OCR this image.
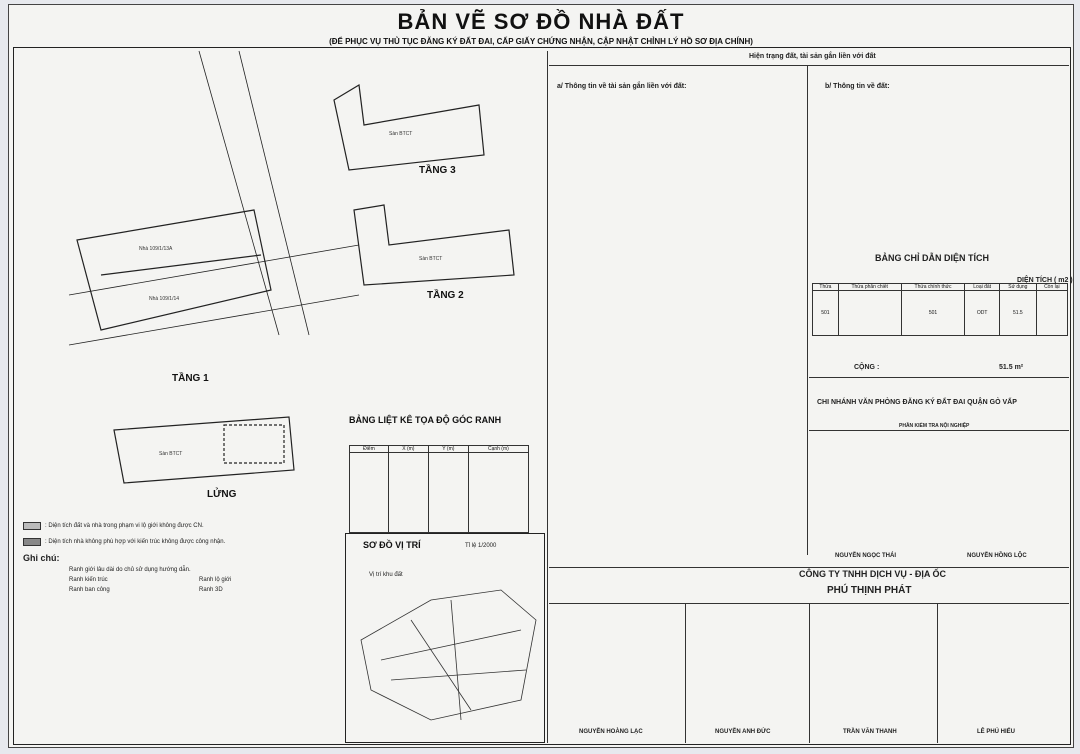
BẢN VẼ SƠ ĐỒ NHÀ ĐẤT
(ĐỂ PHỤC VỤ THỦ TỤC ĐĂNG KÝ ĐẤT ĐAI, CẤP GIẤY CHỨNG NHẬN, CẬP NHẬT CHỈNH LÝ HỒ SƠ ĐỊA CHÍNH)
Nhà 109/1/13A
Nhà 109/1/14
Sàn BTCT
Sàn BTCT
Sàn BTCT
TẦNG 1
TẦNG 3
TẦNG 2
LỬNG
BẢNG LIỆT KÊ TỌA ĐỘ GÓC RANH
Điểm	X (m)	Y (m)	Cạnh (m)

: Diện tích đất và nhà trong phạm vi lộ giới không được CN.
: Diện tích nhà không phù hợp với kiến trúc không được công nhận.
Ghi chú:
Ranh giới lâu dài do chủ sử dụng hướng dẫn.
Ranh kiến trúc	Ranh lộ giới
Ranh ban công	Ranh 3D
SƠ ĐỒ VỊ TRÍ	Tỉ lệ 1/2000
Vị trí khu đất
Hiện trạng đất, tài sản gắn liền với đất
a/ Thông tin về tài sản gắn liền với đất:	b/ Thông tin về đất:
BẢNG CHỈ DẪN DIỆN TÍCH
Thửa	Thửa phân chiết	Thửa chính thức	Loại đất	Sử dụng	Còn lại
501		501	ODT	51.5	
DIỆN TÍCH ( m2 )
CỘNG :	51.5 m²
CHI NHÁNH VĂN PHÒNG ĐĂNG KÝ ĐẤT ĐAI QUẬN GÒ VẤP
PHẦN KIỂM TRA NỘI NGHIỆP
NGUYỄN NGỌC THÁI	NGUYỄN HỒNG LỘC
CÔNG TY TNHH DỊCH VỤ - ĐỊA ỐC
PHÚ THỊNH PHÁT
NGUYỄN HOÀNG LẠC	NGUYỄN ANH ĐỨC	TRẦN VĂN THANH	LÊ PHÚ HIẾU
